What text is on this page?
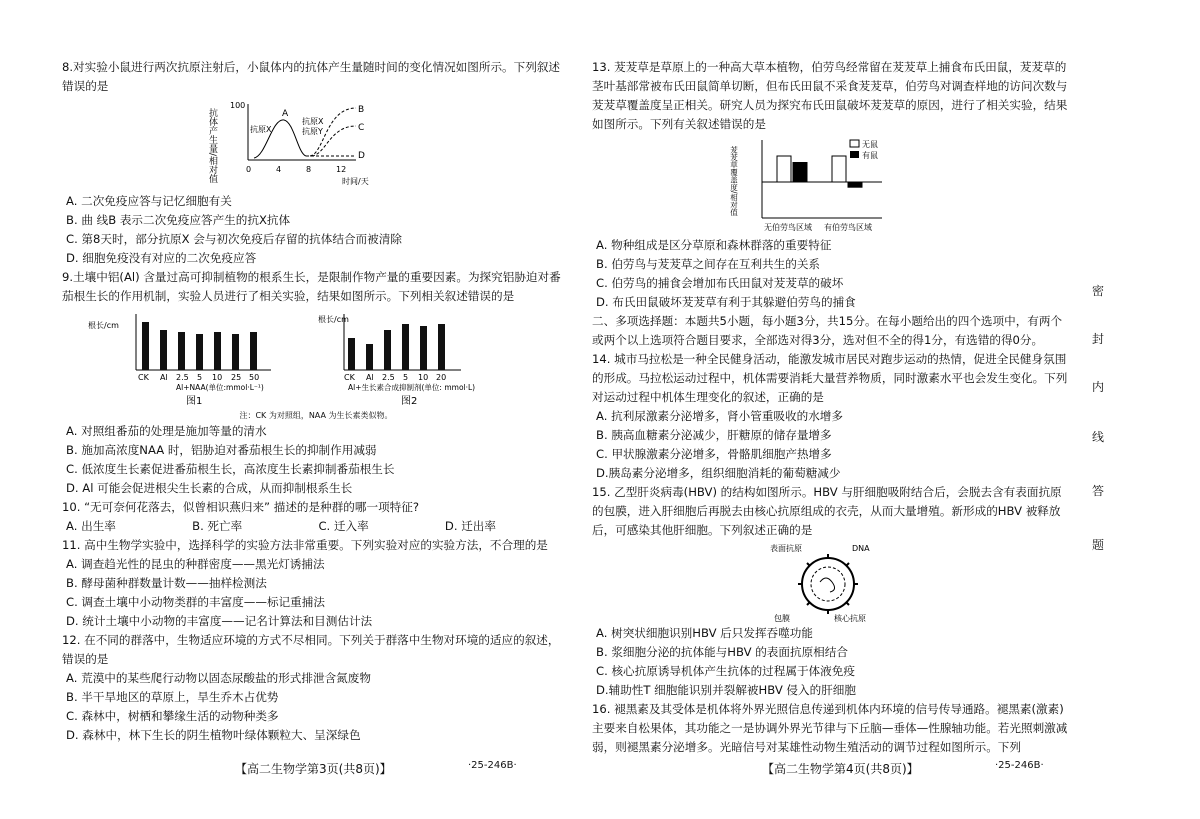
8.对实验小鼠进行两次抗原注射后，小鼠体内的抗体产生量随时间的变化情况如图所示。下列叙述错误的是

抗体产生量/相对值
100
A	B
C
D
抗原X
抗原X
抗原Y
0	4	8	12
时间/天

A. 二次免疫应答与记忆细胞有关

B. 曲 线B 表示二次免疫应答产生的抗X抗体

C. 第8天时，部分抗原X 会与初次免疫后存留的抗体结合而被清除

D. 细胞免疫没有对应的二次免疫应答

9.土壤中铝(Al) 含量过高可抑制植物的根系生长，是限制作物产量的重要因素。为探究铝胁迫对番茄根生长的作用机制，实验人员进行了相关实验，结果如图所示。下列相关叙述错误的是

根长/cm
CK Al 2.5 5 10 25 50
Al+NAA(单位:mmol·L⁻¹)
图1
根长/cm
CK Al 2.5 5 10 20
Al+生长素合成抑制剂(单位: mmol·L)
图2

注：CK 为对照组，NAA 为生长素类似物。

A. 对照组番茄的处理是施加等量的清水

B. 施加高浓度NAA 时，铝胁迫对番茄根生长的抑制作用减弱

C. 低浓度生长素促进番茄根生长，高浓度生长素抑制番茄根生长

D. Al 可能会促进根尖生长素的合成，从而抑制根系生长

10. “无可奈何花落去，似曾相识燕归来” 描述的是种群的哪一项特征?

A. 出生率	B. 死亡率	C. 迁入率	D. 迁出率

11. 高中生物学实验中，选择科学的实验方法非常重要。下列实验对应的实验方法，不合理的是

A. 调查趋光性的昆虫的种群密度——黑光灯诱捕法

B. 酵母菌种群数量计数——抽样检测法

C. 调查土壤中小动物类群的丰富度——标记重捕法

D. 统计土壤中小动物的丰富度——记名计算法和目测估计法

12. 在不同的群落中，生物适应环境的方式不尽相同。下列关于群落中生物对环境的适应的叙述，错误的是

A. 荒漠中的某些爬行动物以固态尿酸盐的形式排泄含氮废物

B. 半干旱地区的草原上，旱生乔木占优势

C. 森林中，树栖和攀缘生活的动物种类多

D. 森林中，林下生长的阴生植物叶绿体颗粒大、呈深绿色

【高二生物学第3页(共8页)】	·25-246B·

13. 茇茇草是草原上的一种高大草本植物，伯劳鸟经常留在茇茇草上捕食布氏田鼠，茇茇草的茎叶基部常被布氏田鼠简单切断，但布氏田鼠不采食茇茇草，伯劳鸟对调查样地的访问次数与茇茇草覆盖度呈正相关。研究人员为探究布氏田鼠破坏茇茇草的原因，进行了相关实验，结果如图所示。下列有关叙述错误的是

茇茇草覆盖度/相对值
无鼠
有鼠
无伯劳鸟区域 有伯劳鸟区域

A. 物种组成是区分草原和森林群落的重要特征

B. 伯劳鸟与茇茇草之间存在互利共生的关系

C. 伯劳鸟的捕食会增加布氏田鼠对茇茇草的破坏

D. 布氏田鼠破坏茇茇草有利于其躲避伯劳鸟的捕食

二、多项选择题：本题共5小题，每小题3分，共15分。在每小题给出的四个选项中，有两个或两个以上选项符合题目要求，全部选对得3分，选对但不全的得1分，有选错的得0分。

14. 城市马拉松是一种全民健身活动，能激发城市居民对跑步运动的热情，促进全民健身氛围的形成。马拉松运动过程中，机体需要消耗大量营养物质，同时激素水平也会发生变化。下列对运动过程中机体生理变化的叙述，正确的是

A. 抗利尿激素分泌增多，肾小管重吸收的水增多

B. 胰高血糖素分泌减少，肝糖原的储存量增多

C. 甲状腺激素分泌增多，骨骼肌细胞产热增多

D.胰岛素分泌增多，组织细胞消耗的葡萄糖减少

15. 乙型肝炎病毒(HBV) 的结构如图所示。HBV 与肝细胞吸附结合后，会脱去含有表面抗原的包膜，进入肝细胞后再脱去由核心抗原组成的衣壳，从而大量增殖。新形成的HBV 被释放后，可感染其他肝细胞。下列叙述正确的是

表面抗原	DNA
包膜	核心抗原

A. 树突状细胞识别HBV 后只发挥吞噬功能

B. 浆细胞分泌的抗体能与HBV 的表面抗原相结合

C. 核心抗原诱导机体产生抗体的过程属于体液免疫

D.辅助性T 细胞能识别并裂解被HBV 侵入的肝细胞

16. 褪黑素及其受体是机体将外界光照信息传递到机体内环境的信号传导通路。褪黑素(激素)主要来自松果体，其功能之一是协调外界光节律与下丘脑—垂体—性腺轴功能。若光照刺激减弱，则褪黑素分泌增多。光暗信号对某雄性动物生殖活动的调节过程如图所示。下列

【高二生物学第4页(共8页)】	·25-246B·
密
封
内
线
答
题
